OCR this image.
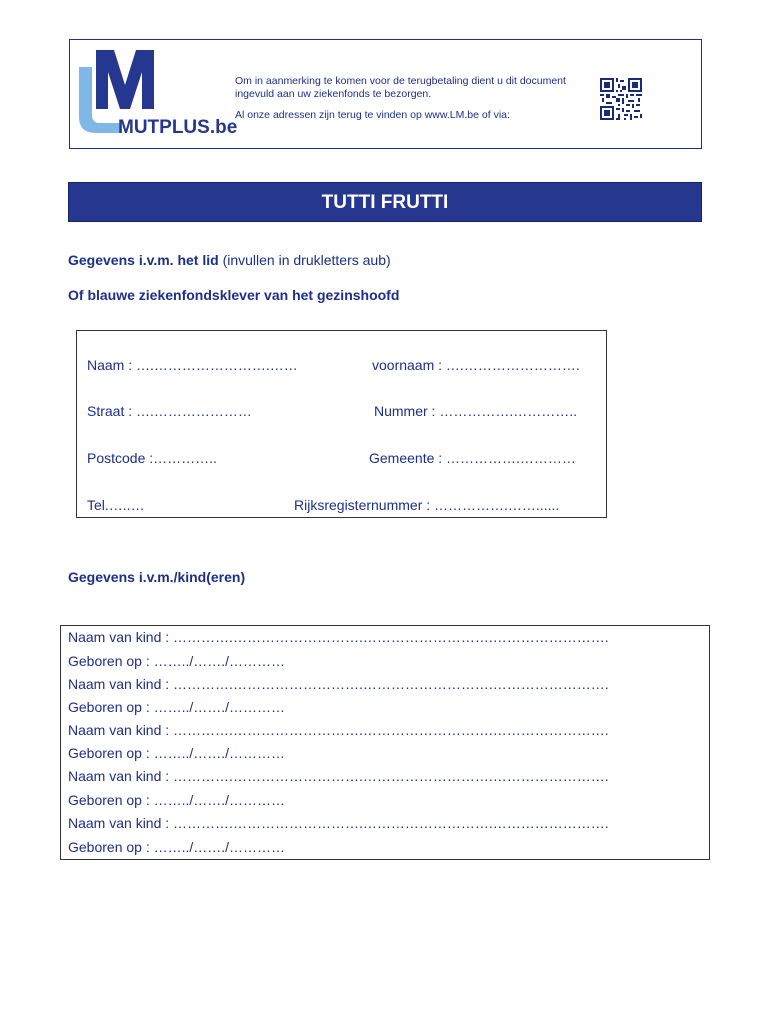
MUTPLUS.be
Om in aanmerking te komen voor de terugbetaling dient u dit document
ingevuld aan uw ziekenfonds te bezorgen.
Al onze adressen zijn terug te vinden op www.LM.be of via:
TUTTI FRUTTI
Gegevens i.v.m. het lid (invullen in drukletters aub)
Of blauwe ziekenfondsklever van het gezinshoofd
Naam : ….…………………….……	voornaam : ….…………………….
Straat : ….…………………	Nummer : …………….…………..
Postcode :…………..	Gemeente : …………….…………
Tel.…..…	Rijksregisternummer : …………….……......
Gegevens i.v.m./kind(eren)
Naam van kind : ………….……………………….……………………….…………………….
Geboren op : ……../……./…………
Naam van kind : ………….……………………….……………………….…………………….
Geboren op : ……../……./…………
Naam van kind : ………….……………………….……………………….…………………….
Geboren op : ……../……./…………
Naam van kind : ………….……………………….……………………….…………………….
Geboren op : ……../……./…………
Naam van kind : ………….……………………….……………………….…………………….
Geboren op : ……../……./…………
